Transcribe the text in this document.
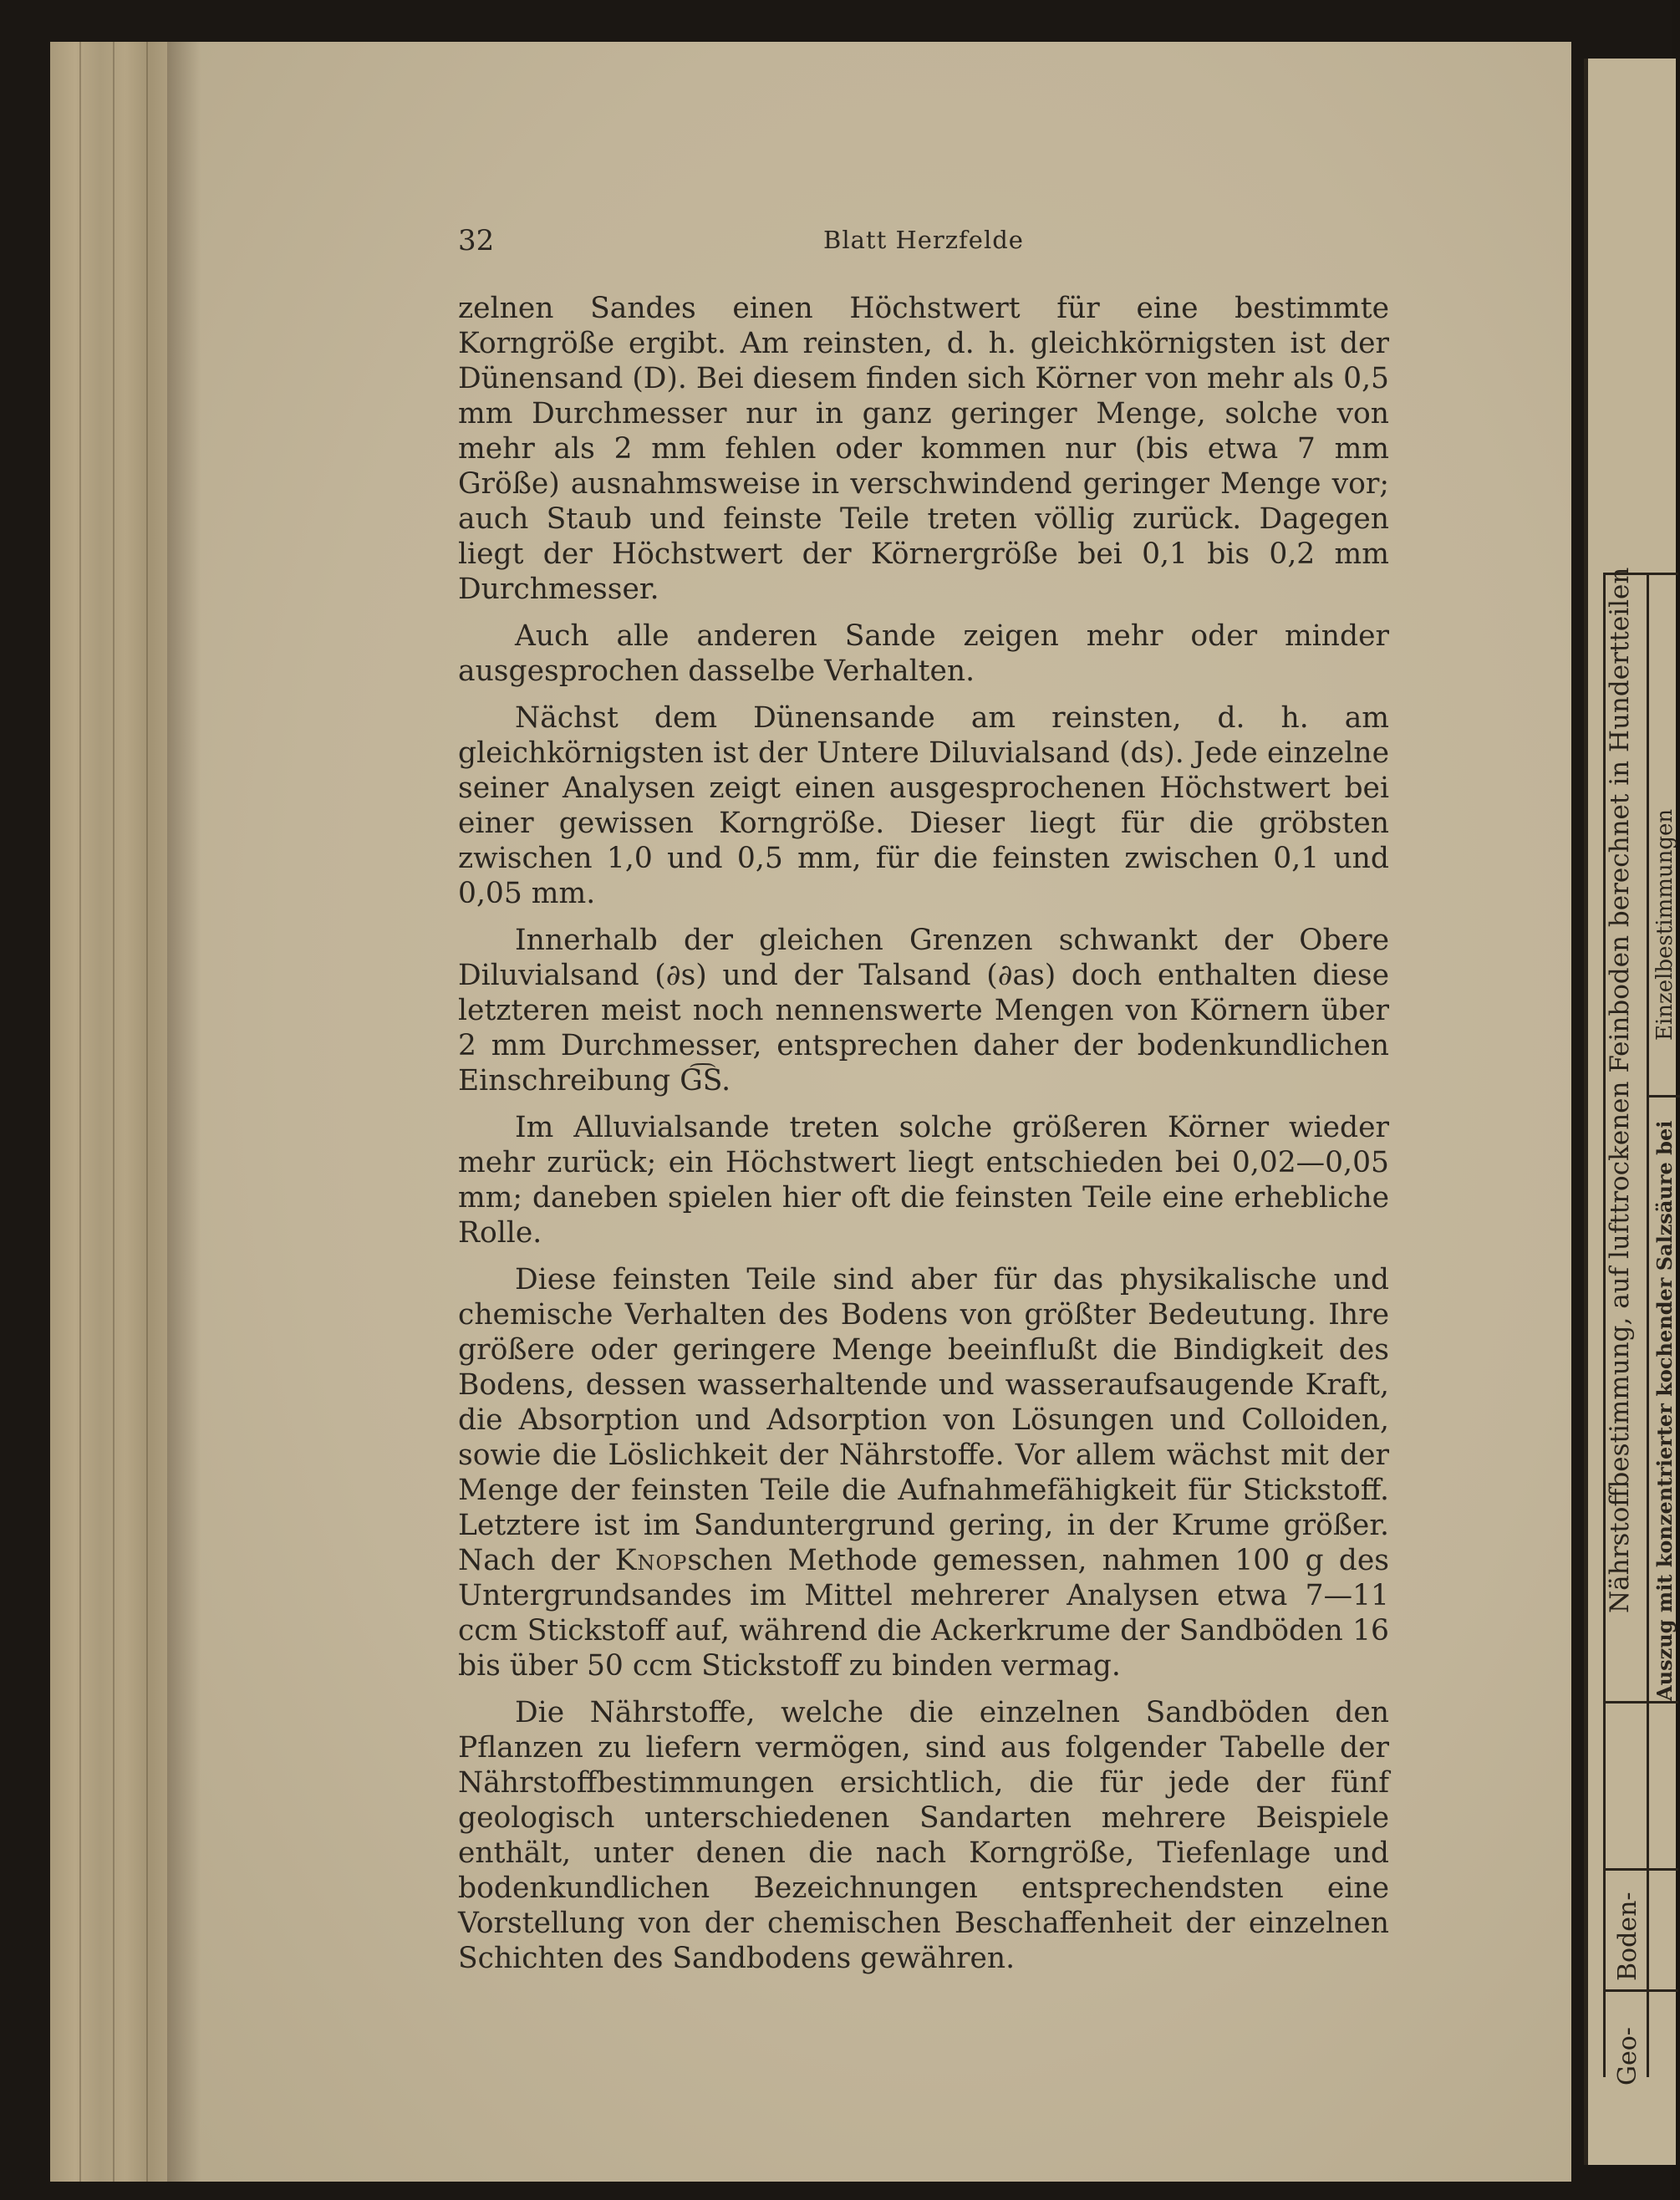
32	Blatt Herzfelde

zelnen Sandes einen Höchstwert für eine bestimmte Korngröße ergibt. Am reinsten, d. h. gleichkörnigsten ist der Dünensand (D). Bei diesem finden sich Körner von mehr als 0,5 mm Durchmesser nur in ganz geringer Menge, solche von mehr als 2 mm fehlen oder kommen nur (bis etwa 7 mm Größe) ausnahmsweise in verschwindend geringer Menge vor; auch Staub und feinste Teile treten völlig zurück. Dagegen liegt der Höchstwert der Körnergröße bei 0,1 bis 0,2 mm Durchmesser.

Auch alle anderen Sande zeigen mehr oder minder ausgesprochen dasselbe Verhalten.

Nächst dem Dünensande am reinsten, d. h. am gleichkörnigsten ist der Untere Diluvialsand (ds). Jede einzelne seiner Analysen zeigt einen ausgesprochenen Höchstwert bei einer gewissen Korngröße. Dieser liegt für die gröbsten zwischen 1,0 und 0,5 mm, für die feinsten zwischen 0,1 und 0,05 mm.

Innerhalb der gleichen Grenzen schwankt der Obere Diluvialsand (∂s) und der Talsand (∂as) doch enthalten diese letzteren meist noch nennenswerte Mengen von Körnern über 2 mm Durchmesser, entsprechen daher der bodenkundlichen Einschreibung G͡S.

Im Alluvialsande treten solche größeren Körner wieder mehr zurück; ein Höchstwert liegt entschieden bei 0,02—0,05 mm; daneben spielen hier oft die feinsten Teile eine erhebliche Rolle.

Diese feinsten Teile sind aber für das physikalische und chemische Verhalten des Bodens von größter Bedeutung. Ihre größere oder geringere Menge beeinflußt die Bindigkeit des Bodens, dessen wasserhaltende und wasseraufsaugende Kraft, die Absorption und Adsorption von Lösungen und Colloiden, sowie die Löslichkeit der Nährstoffe. Vor allem wächst mit der Menge der feinsten Teile die Aufnahmefähigkeit für Stickstoff. Letztere ist im Sanduntergrund gering, in der Krume größer. Nach der Knopschen Methode gemessen, nahmen 100 g des Untergrundsandes im Mittel mehrerer Analysen etwa 7—11 ccm Stickstoff auf, während die Ackerkrume der Sandböden 16 bis über 50 ccm Stickstoff zu binden vermag.

Die Nährstoffe, welche die einzelnen Sandböden den Pflanzen zu liefern vermögen, sind aus folgender Tabelle der Nährstoffbestimmungen ersichtlich, die für jede der fünf geologisch unterschiedenen Sandarten mehrere Beispiele enthält, unter denen die nach Korngröße, Tiefenlage und bodenkundlichen Bezeichnungen entsprechendsten eine Vorstellung von der chemischen Beschaffenheit der einzelnen Schichten des Sandbodens gewähren.

Nährstoffbestimmung, auf lufttrockenen Feinboden berechnet in Hundertteilen Auszug mit konzentrierter kochender Salzsäure bei
Einzelbestimmungen
Boden-
Geo-
